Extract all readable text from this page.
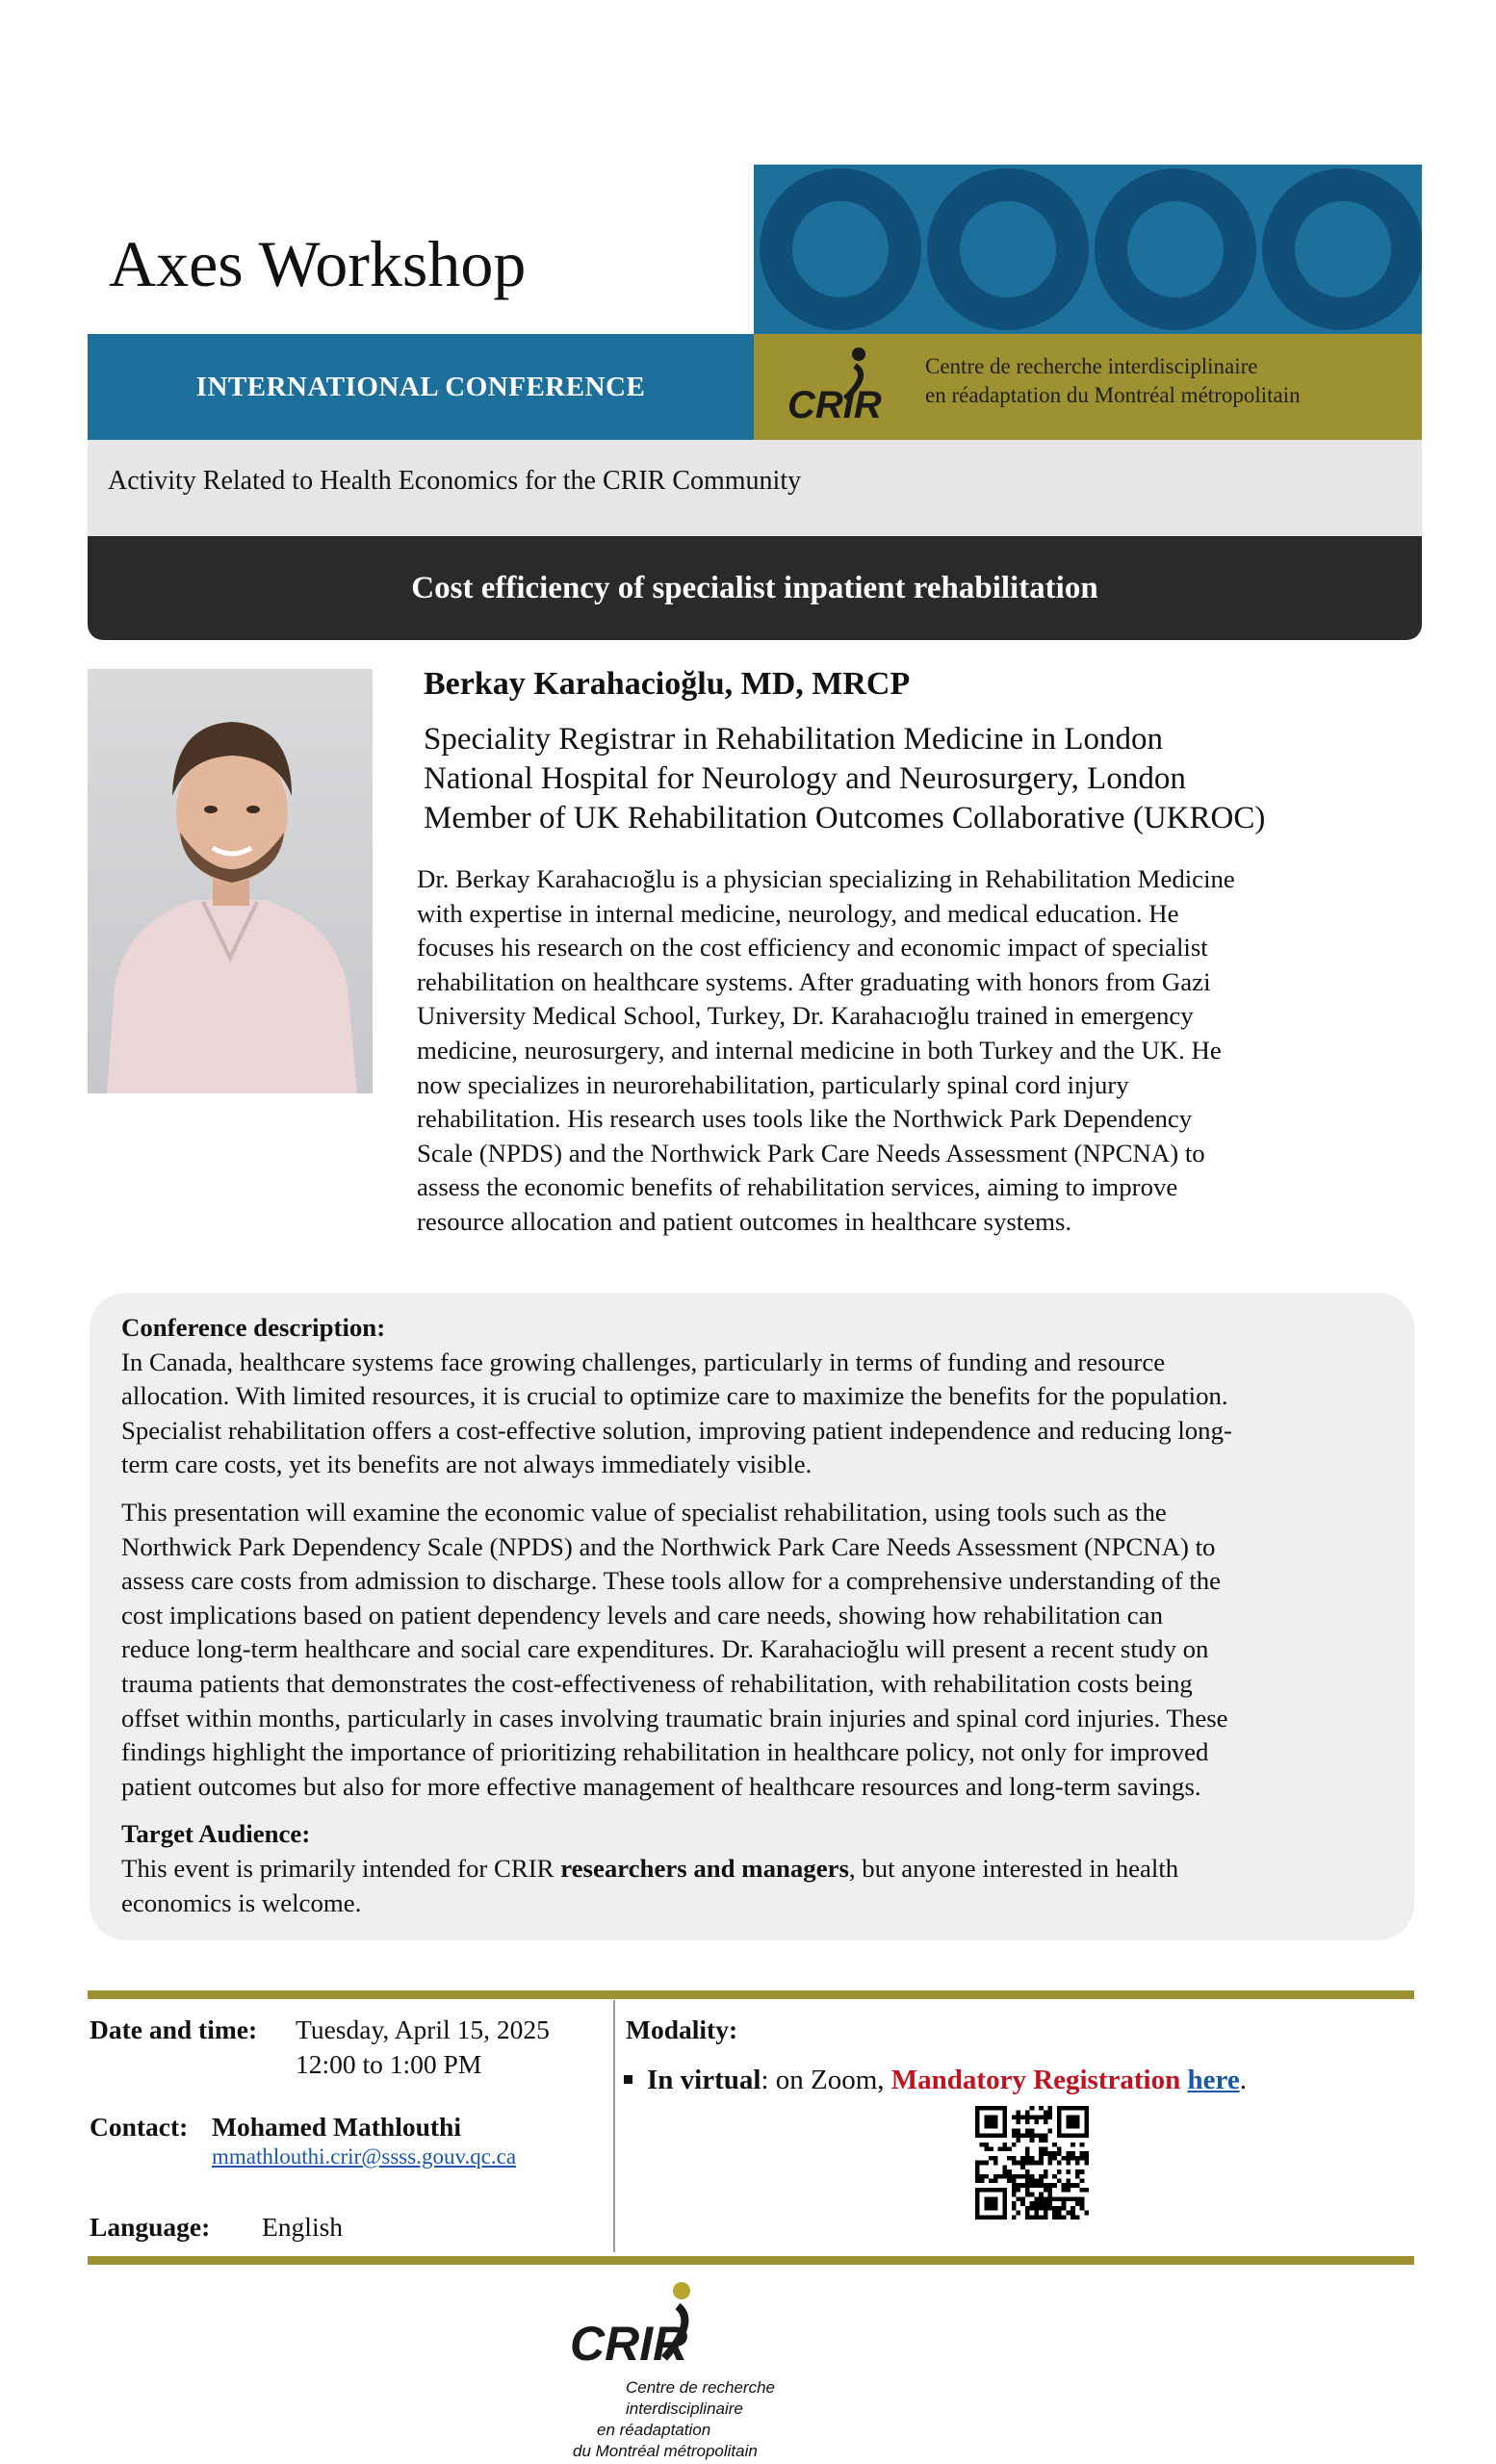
Axes Workshop
INTERNATIONAL CONFERENCE	CRIR
Centre de recherche interdisciplinaire
en réadaptation du Montréal métropolitain
Activity Related to Health Economics for the CRIR Community
Cost efficiency of specialist inpatient rehabilitation
Berkay Karahacioğlu, MD, MRCP
Speciality Registrar in Rehabilitation Medicine in London
National Hospital for Neurology and Neurosurgery, London
Member of UK Rehabilitation Outcomes Collaborative (UKROC)
Dr. Berkay Karahacıoğlu is a physician specializing in Rehabilitation Medicine
with expertise in internal medicine, neurology, and medical education. He
focuses his research on the cost efficiency and economic impact of specialist
rehabilitation on healthcare systems. After graduating with honors from Gazi
University Medical School, Turkey, Dr. Karahacıoğlu trained in emergency
medicine, neurosurgery, and internal medicine in both Turkey and the UK. He
now specializes in neurorehabilitation, particularly spinal cord injury
rehabilitation. His research uses tools like the Northwick Park Dependency
Scale (NPDS) and the Northwick Park Care Needs Assessment (NPCNA) to
assess the economic benefits of rehabilitation services, aiming to improve
resource allocation and patient outcomes in healthcare systems.

Conference description:

In Canada, healthcare systems face growing challenges, particularly in terms of funding and resource

allocation. With limited resources, it is crucial to optimize care to maximize the benefits for the population.

Specialist rehabilitation offers a cost-effective solution, improving patient independence and reducing long-

term care costs, yet its benefits are not always immediately visible.

This presentation will examine the economic value of specialist rehabilitation, using tools such as the

Northwick Park Dependency Scale (NPDS) and the Northwick Park Care Needs Assessment (NPCNA) to

assess care costs from admission to discharge. These tools allow for a comprehensive understanding of the

cost implications based on patient dependency levels and care needs, showing how rehabilitation can

reduce long-term healthcare and social care expenditures. Dr. Karahacioğlu will present a recent study on

trauma patients that demonstrates the cost-effectiveness of rehabilitation, with rehabilitation costs being

offset within months, particularly in cases involving traumatic brain injuries and spinal cord injuries. These

findings highlight the importance of prioritizing rehabilitation in healthcare policy, not only for improved

patient outcomes but also for more effective management of healthcare resources and long-term savings.

Target Audience:

This event is primarily intended for CRIR researchers and managers, but anyone interested in health

economics is welcome.

Date and time: Tuesday, April 15, 2025
12:00 to 1:00 PM
Contact: Mohamed Mathlouthi
mmathlouthi.crir@ssss.gouv.qc.ca
Language: English
Modality:
In virtual: on Zoom, Mandatory Registration here.
CRIR
Centre de recherche
interdisciplinaire
en réadaptation
du Montréal métropolitain
